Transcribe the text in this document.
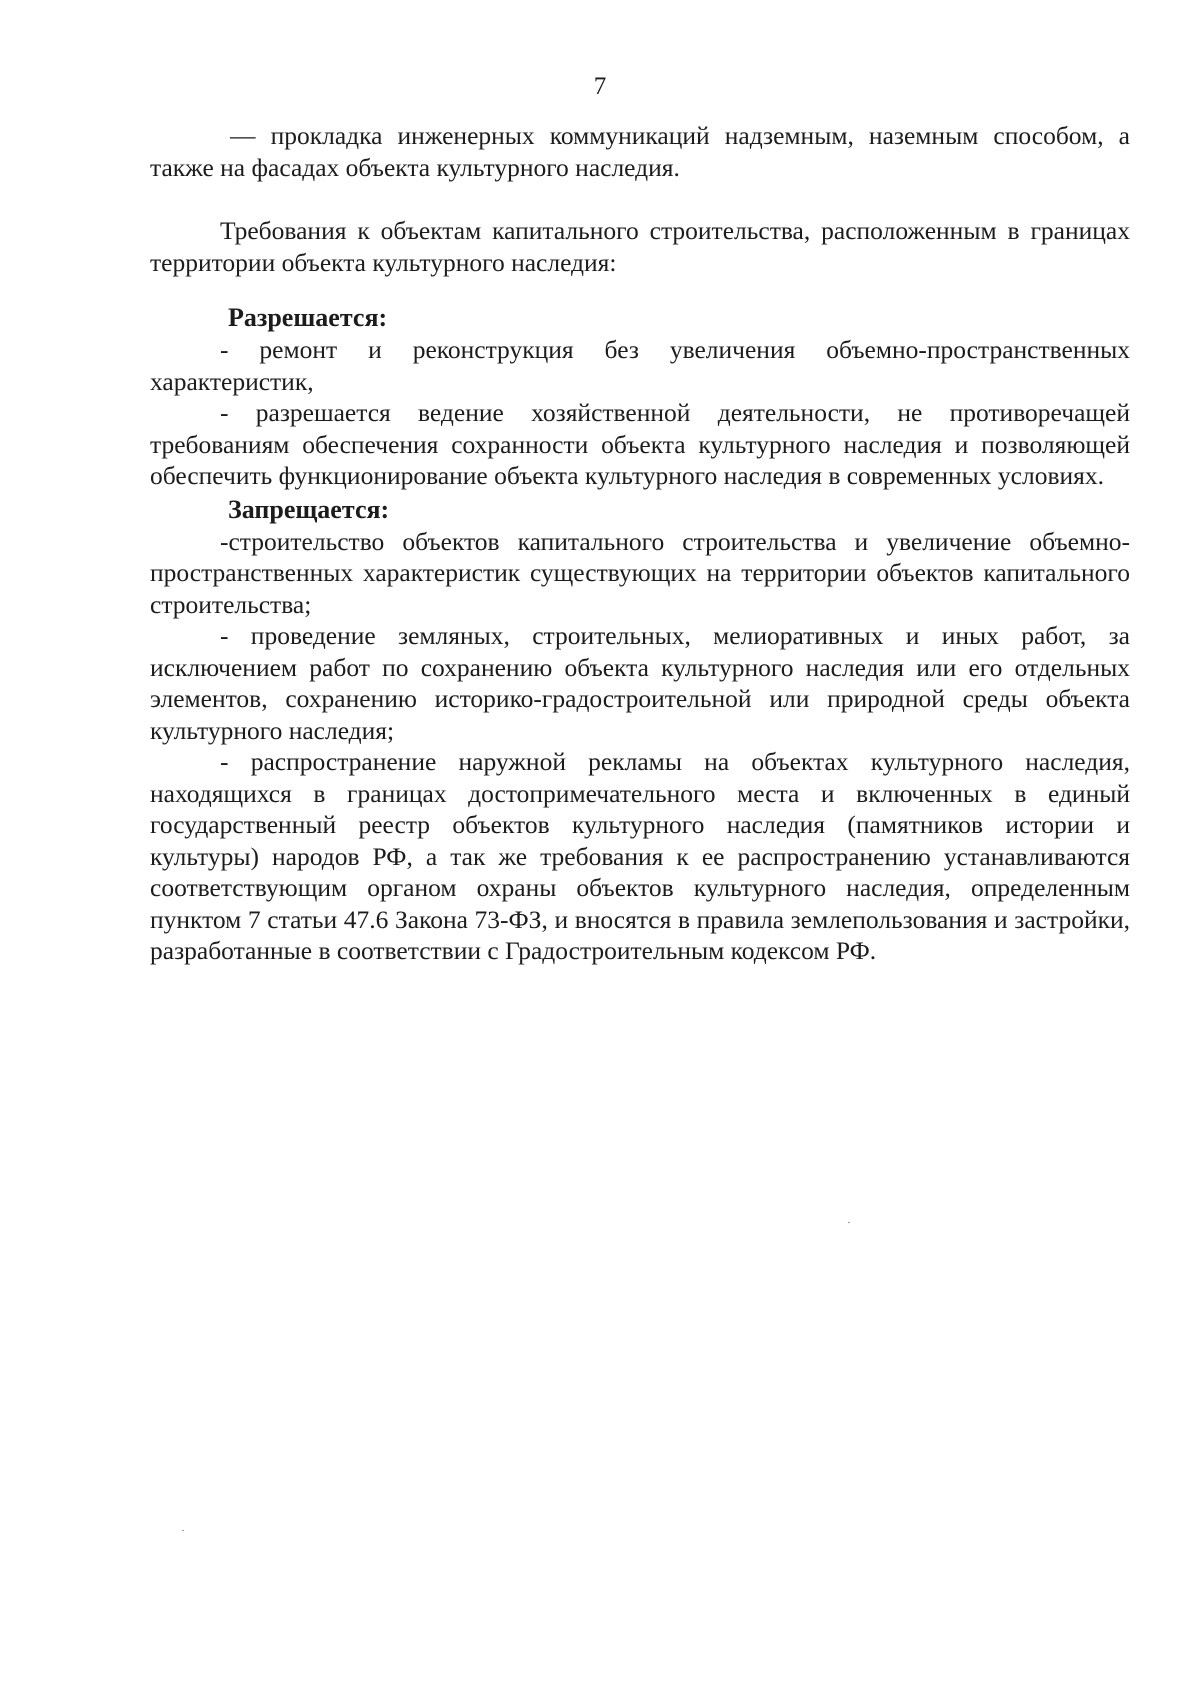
7

–– прокладка инженерных коммуникаций надземным, наземным способом, а также на фасадах объекта культурного наследия.

Требования к объектам капитального строительства, расположенным в границах территории объекта культурного наследия:

Разрешается:

- ремонт и реконструкция без увеличения объемно-пространственных характеристик,

- разрешается ведение хозяйственной деятельности, не противоречащей требованиям обеспечения сохранности объекта культурного наследия и позволяющей обеспечить функционирование объекта культурного наследия в современных условиях.

Запрещается:

-строительство объектов капитального строительства и увеличение объемно-пространственных характеристик существующих на территории объектов капитального строительства;

- проведение земляных, строительных, мелиоративных и иных работ, за исключением работ по сохранению объекта культурного наследия или его отдельных элементов, сохранению историко-градостроительной или природной среды объекта культурного наследия;

- распространение наружной рекламы на объектах культурного наследия, находящихся в границах достопримечательного места и включенных в единый государственный реестр объектов культурного наследия (памятников истории и культуры) народов РФ, а так же требования к ее распространению устанавливаются соответствующим органом охраны объектов культурного наследия, определенным пунктом 7 статьи 47.6 Закона 73-ФЗ, и вносятся в правила землепользования и застройки, разработанные в соответствии с Градостроительным кодексом РФ.
